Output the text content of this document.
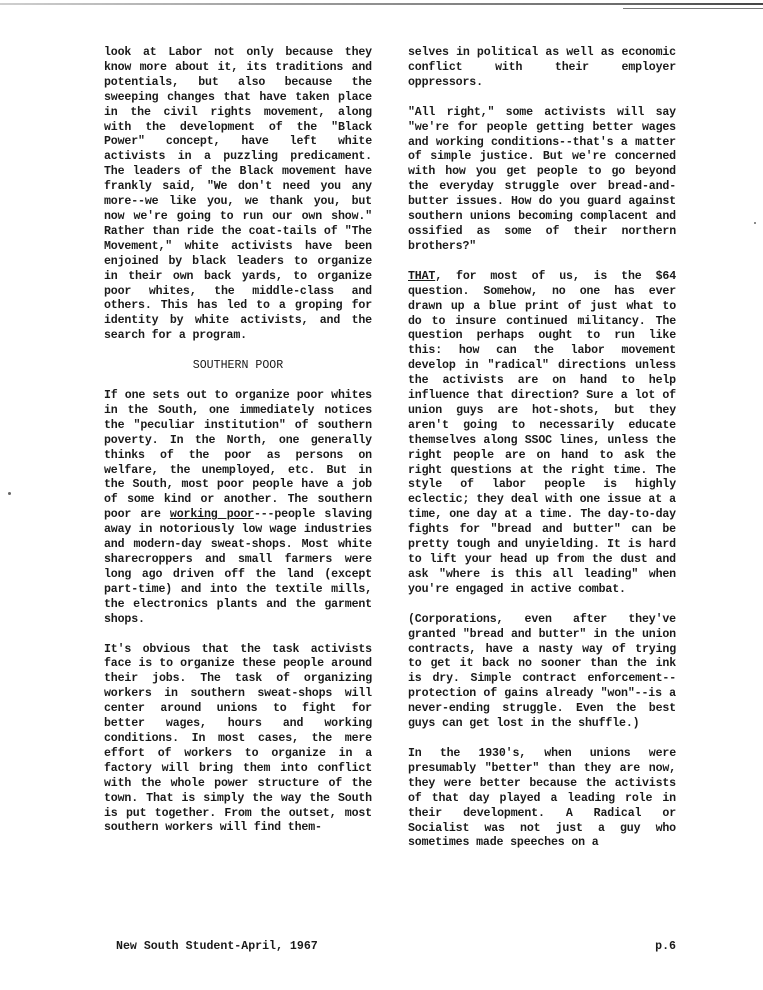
look at Labor not only because they know more about it, its traditions and potentials, but also because the sweeping changes that have taken place in the civil rights movement, along with the development of the "Black Power" concept, have left white activists in a puzzling predicament. The leaders of the Black movement have frankly said, "We don't need you any more--we like you, we thank you, but now we're going to run our own show." Rather than ride the coat-tails of "The Movement," white activists have been enjoined by black leaders to organize in their own back yards, to organize poor whites, the middle-class and others. This has led to a groping for identity by white activists, and the search for a program.

SOUTHERN POOR

If one sets out to organize poor whites in the South, one immediately notices the "peculiar institution" of southern poverty. In the North, one generally thinks of the poor as persons on welfare, the unemployed, etc. But in the South, most poor people have a job of some kind or another. The southern poor are working poor---people slaving away in notoriously low wage industries and modern-day sweat-shops. Most white sharecroppers and small farmers were long ago driven off the land (except part-time) and into the textile mills, the electronics plants and the garment shops.

It's obvious that the task activists face is to organize these people around their jobs. The task of organizing workers in southern sweat-shops will center around unions to fight for better wages, hours and working conditions. In most cases, the mere effort of workers to organize in a factory will bring them into conflict with the whole power structure of the town. That is simply the way the South is put together. From the outset, most southern workers will find them-

selves in political as well as economic conflict with their employer oppressors.

"All right," some activists will say "we're for people getting better wages and working conditions--that's a matter of simple justice. But we're concerned with how you get people to go beyond the everyday struggle over bread-and-butter issues. How do you guard against southern unions becoming complacent and ossified as some of their northern brothers?"

THAT, for most of us, is the $64 question. Somehow, no one has ever drawn up a blue print of just what to do to insure continued militancy. The question perhaps ought to run like this: how can the labor movement develop in "radical" directions unless the activists are on hand to help influence that direction? Sure a lot of union guys are hot-shots, but they aren't going to necessarily educate themselves along SSOC lines, unless the right people are on hand to ask the right questions at the right time. The style of labor people is highly eclectic; they deal with one issue at a time, one day at a time. The day-to-day fights for "bread and butter" can be pretty tough and unyielding. It is hard to lift your head up from the dust and ask "where is this all leading" when you're engaged in active combat.

(Corporations, even after they've granted "bread and butter" in the union contracts, have a nasty way of trying to get it back no sooner than the ink is dry. Simple contract enforcement--protection of gains already "won"--is a never-ending struggle. Even the best guys can get lost in the shuffle.)

In the 1930's, when unions were presumably "better" than they are now, they were better because the activists of that day played a leading role in their development. A Radical or Socialist was not just a guy who sometimes made speeches on a

New South Student-April, 1967	p.6
